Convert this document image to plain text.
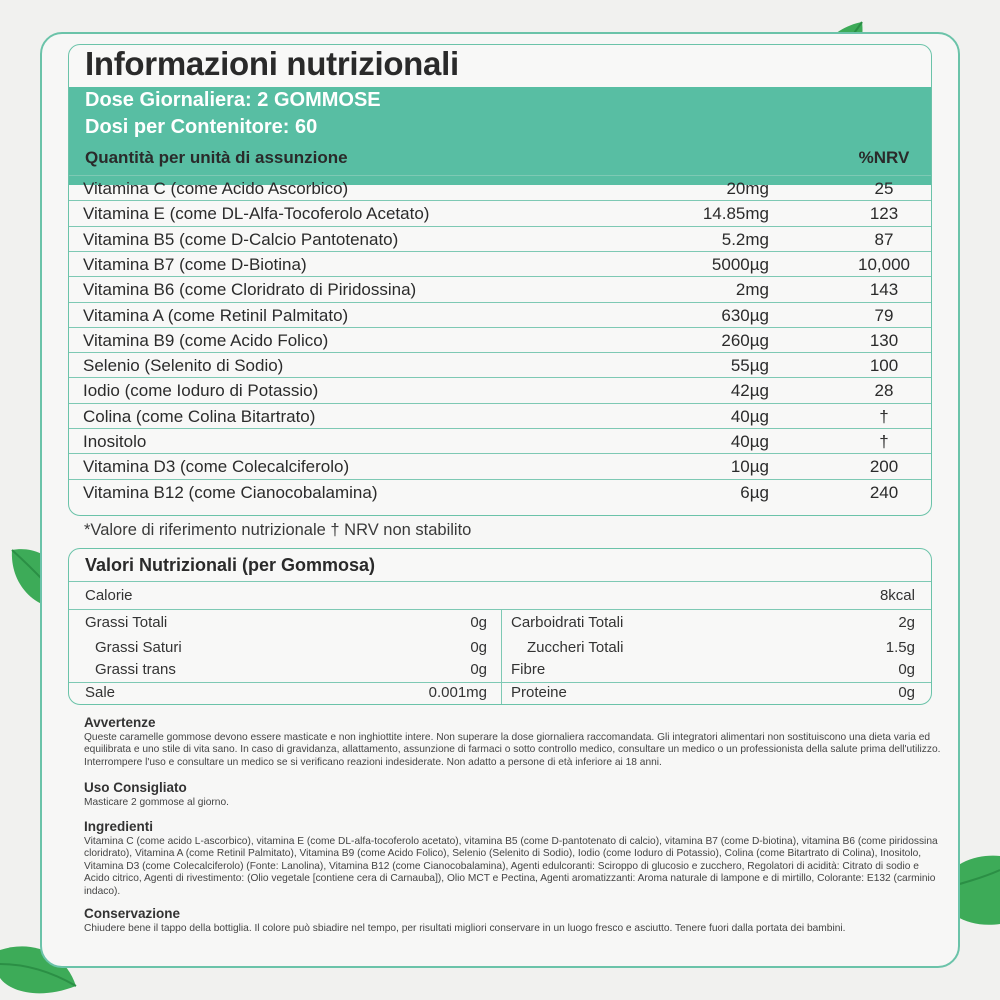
Informazioni nutrizionali
Dose Giornaliera: 2 GOMMOSE
Dosi per Contenitore: 60
Quantità per unità di assunzione	%NRV
Vitamina C (come Acido Ascorbico)	20mg	25
Vitamina E (come DL-Alfa-Tocoferolo Acetato)	14.85mg	123
Vitamina B5 (come D-Calcio Pantotenato)	5.2mg	87
Vitamina B7 (come D-Biotina)	5000µg	10,000
Vitamina B6 (come Cloridrato di Piridossina)	2mg	143
Vitamina A (come Retinil Palmitato)	630µg	79
Vitamina B9 (come Acido Folico)	260µg	130
Selenio (Selenito di Sodio)	55µg	100
Iodio (come Ioduro di Potassio)	42µg	28
Colina (come Colina Bitartrato)	40µg	†
Inositolo	40µg	†
Vitamina D3 (come Colecalciferolo)	10µg	200
Vitamina B12 (come Cianocobalamina)	6µg	240
*Valore di riferimento nutrizionale † NRV non stabilito
Valori Nutrizionali (per Gommosa)
Calorie	8kcal
Grassi Totali	0g
Grassi Saturi	0g
Grassi trans	0g
Sale	0.001mg
Carboidrati Totali	2g
Zuccheri Totali	1.5g
Fibre	0g
Proteine	0g
Avvertenze

Queste caramelle gommose devono essere masticate e non inghiottite intere. Non superare la dose giornaliera raccomandata. Gli integratori alimentari non sostituiscono una dieta varia ed equilibrata e uno stile di vita sano. In caso di gravidanza, allattamento, assunzione di farmaci o sotto controllo medico, consultare un medico o un professionista della salute prima dell'utilizzo. Interrompere l'uso e consultare un medico se si verificano reazioni indesiderate. Non adatto a persone di età inferiore ai 18 anni.

Uso Consigliato

Masticare 2 gommose al giorno.

Ingredienti

Vitamina C (come acido L-ascorbico), vitamina E (come DL-alfa-tocoferolo acetato), vitamina B5 (come D-pantotenato di calcio), vitamina B7 (come D-biotina), vitamina B6 (come piridossina cloridrato), Vitamina A (come Retinil Palmitato), Vitamina B9 (come Acido Folico), Selenio (Selenito di Sodio), Iodio (come Ioduro di Potassio), Colina (come Bitartrato di Colina), Inositolo, Vitamina D3 (come Colecalciferolo) (Fonte: Lanolina), Vitamina B12 (come Cianocobalamina), Agenti edulcoranti: Sciroppo di glucosio e zucchero, Regolatori di acidità: Citrato di sodio e Acido citrico, Agenti di rivestimento: (Olio vegetale [contiene cera di Carnauba]), Olio MCT e Pectina, Agenti aromatizzanti: Aroma naturale di lampone e di mirtillo, Colorante: E132 (carminio indaco).

Conservazione

Chiudere bene il tappo della bottiglia. Il colore può sbiadire nel tempo, per risultati migliori conservare in un luogo fresco e asciutto. Tenere fuori dalla portata dei bambini.
